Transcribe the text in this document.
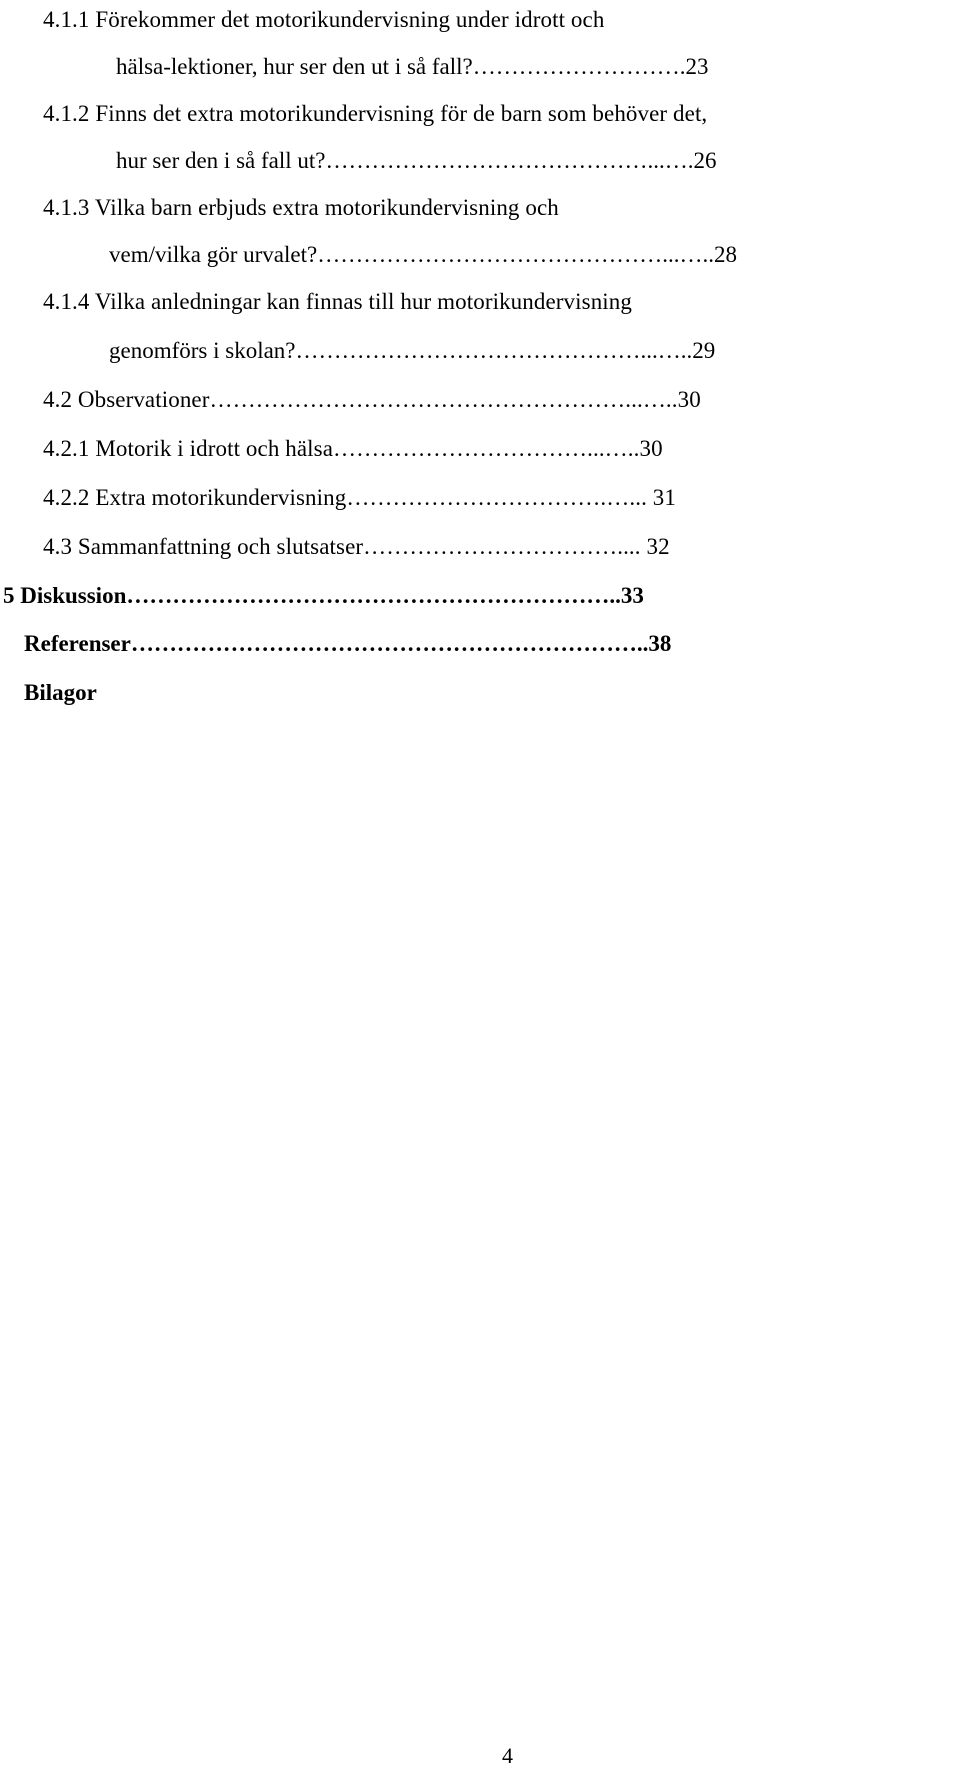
4.1.1 Förekommer det motorikundervisning under idrott och
hälsa-lektioner, hur ser den ut i så fall?……………………….23
4.1.2 Finns det extra motorikundervisning för de barn som behöver det,
hur ser den i så fall ut?……………………………………...….26
4.1.3 Vilka barn erbjuds extra motorikundervisning och
vem/vilka gör urvalet?………………………………………...…..28
4.1.4 Vilka anledningar kan finnas till hur motorikundervisning
genomförs i skolan?………………………………………...…..29
4.2 Observationer………………………………………………...…..30
4.2.1 Motorik i idrott och hälsa……………………………...…..30
4.2.2 Extra motorikundervisning…………………………….…... 31
4.3 Sammanfattning och slutsatser…………………………….... 32
5 Diskussion………………………………………………………..33
Referenser…………………………………………………………..38
Bilagor
4
